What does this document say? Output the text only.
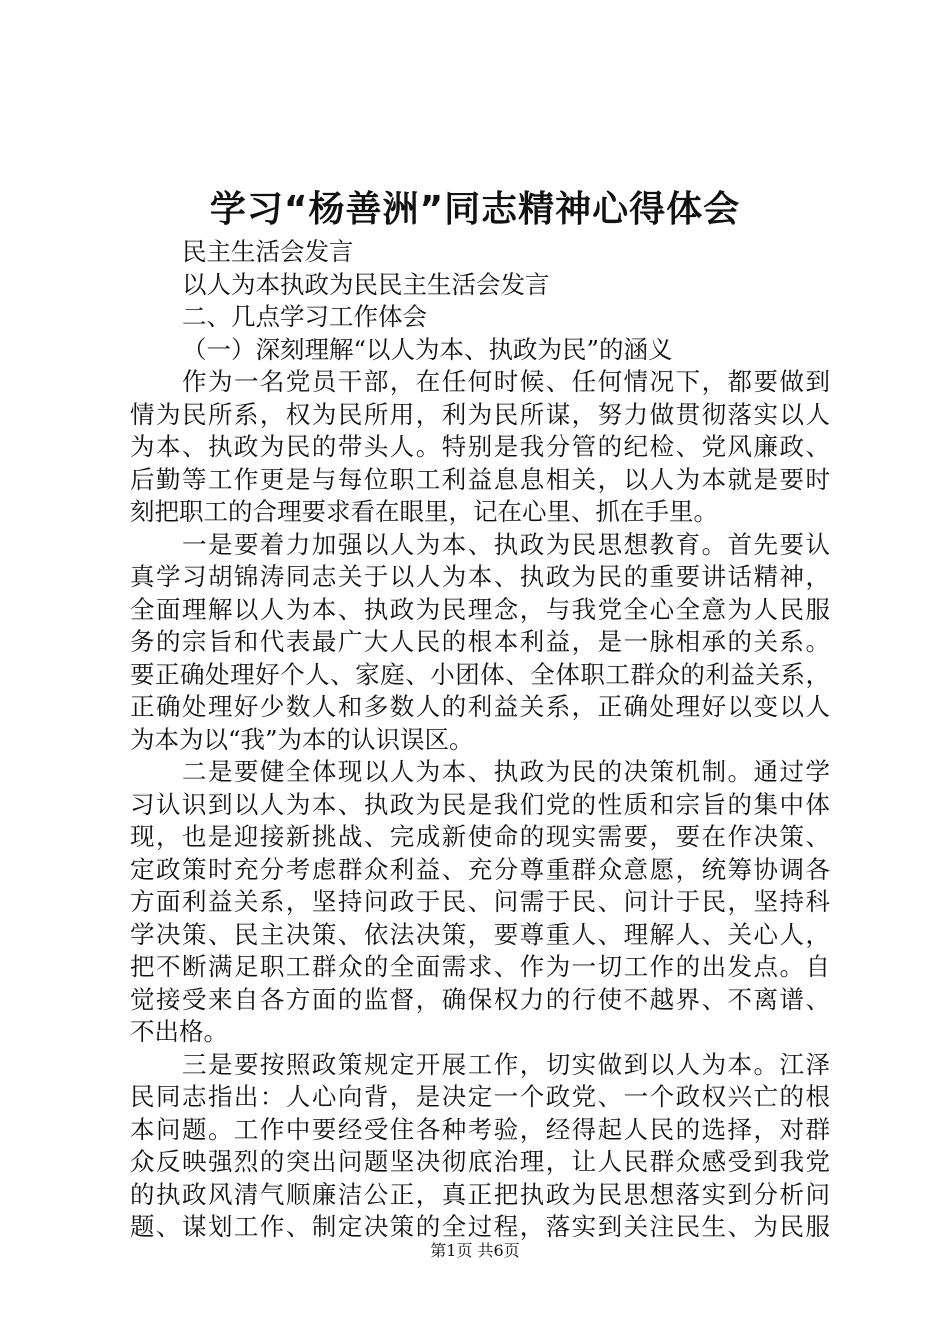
学习“杨善洲”同志精神心得体会
民主生活会发言
以人为本执政为民民主生活会发言
二、几点学习工作体会
（一）深刻理解“以人为本、执政为民”的涵义
作为一名党员干部，在任何时候、任何情况下，都要做到
情为民所系，权为民所用，利为民所谋，努力做贯彻落实以人
为本、执政为民的带头人。特别是我分管的纪检、党风廉政、
后勤等工作更是与每位职工利益息息相关，以人为本就是要时
刻把职工的合理要求看在眼里，记在心里、抓在手里。
一是要着力加强以人为本、执政为民思想教育。首先要认
真学习胡锦涛同志关于以人为本、执政为民的重要讲话精神，
全面理解以人为本、执政为民理念，与我党全心全意为人民服
务的宗旨和代表最广大人民的根本利益，是一脉相承的关系。
要正确处理好个人、家庭、小团体、全体职工群众的利益关系，
正确处理好少数人和多数人的利益关系，正确处理好以变以人
为本为以“我”为本的认识误区。
二是要健全体现以人为本、执政为民的决策机制。通过学
习认识到以人为本、执政为民是我们党的性质和宗旨的集中体
现，也是迎接新挑战、完成新使命的现实需要，要在作决策、
定政策时充分考虑群众利益、充分尊重群众意愿，统筹协调各
方面利益关系，坚持问政于民、问需于民、问计于民，坚持科
学决策、民主决策、依法决策，要尊重人、理解人、关心人，
把不断满足职工群众的全面需求、作为一切工作的出发点。自
觉接受来自各方面的监督，确保权力的行使不越界、不离谱、
不出格。
三是要按照政策规定开展工作，切实做到以人为本。江泽
民同志指出：人心向背，是决定一个政党、一个政权兴亡的根
本问题。工作中要经受住各种考验，经得起人民的选择，对群
众反映强烈的突出问题坚决彻底治理，让人民群众感受到我党
的执政风清气顺廉洁公正，真正把执政为民思想落实到分析问
题、谋划工作、制定决策的全过程，落实到关注民生、为民服
第1页 共6页
